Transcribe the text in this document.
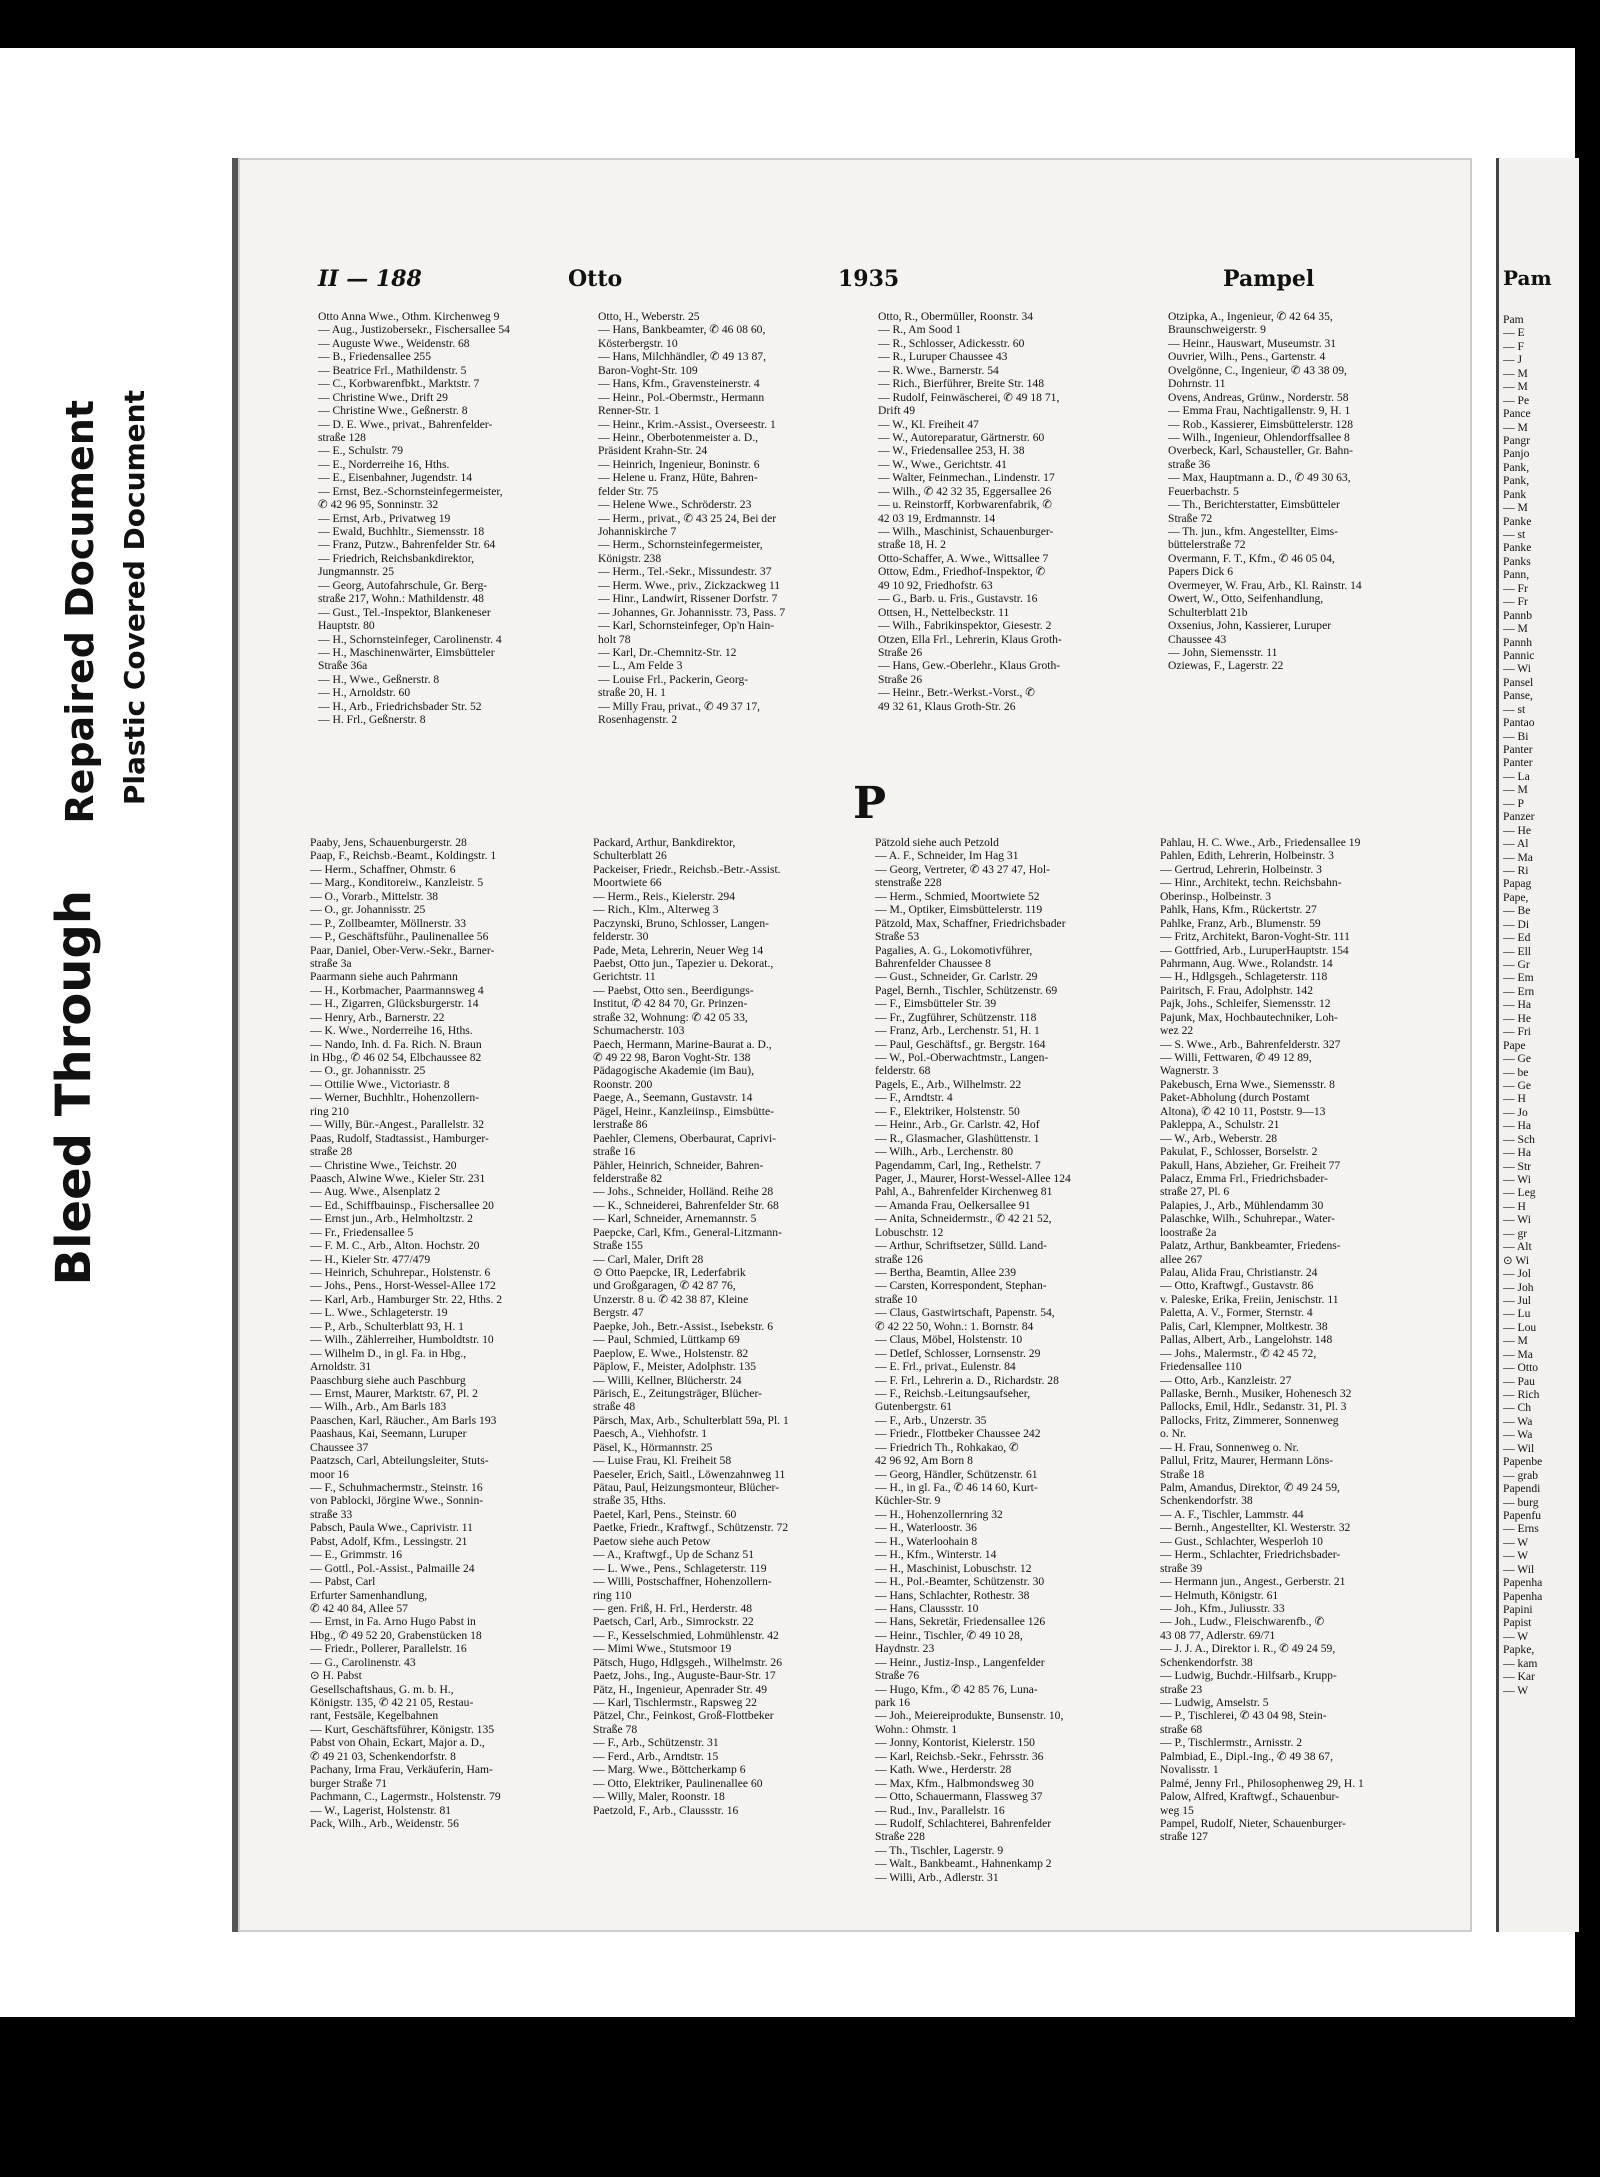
Bleed Through
Repaired Document Plastic Covered Document
II — 188	Otto	1935	Pampel
Otto Anna Wwe., Othm. Kirchenweg 9
— Aug., Justizobersekr., Fischersallee 54
— Auguste Wwe., Weidenstr. 68
— B., Friedensallee 255
— Beatrice Frl., Mathildenstr. 5
— C., Korbwarenfbkt., Marktstr. 7
— Christine Wwe., Drift 29
— Christine Wwe., Geßnerstr. 8
— D. E. Wwe., privat., Bahrenfelder-
straße 128
— E., Schulstr. 79
— E., Norderreihe 16, Hths.
— E., Eisenbahner, Jugendstr. 14
— Ernst, Bez.-Schornsteinfegermeister,
✆ 42 96 95, Sonninstr. 32
— Ernst, Arb., Privatweg 19
— Ewald, Buchhltr., Siemensstr. 18
— Franz, Putzw., Bahrenfelder Str. 64
— Friedrich, Reichsbankdirektor,
Jungmannstr. 25
— Georg, Autofahrschule, Gr. Berg-
straße 217, Wohn.: Mathildenstr. 48
— Gust., Tel.-Inspektor, Blankeneser
Hauptstr. 80
— H., Schornsteinfeger, Carolinenstr. 4
— H., Maschinenwärter, Eimsbütteler
Straße 36a
— H., Wwe., Geßnerstr. 8
— H., Arnoldstr. 60
— H., Arb., Friedrichsbader Str. 52
— H. Frl., Geßnerstr. 8
Otto, H., Weberstr. 25
— Hans, Bankbeamter, ✆ 46 08 60,
Kösterbergstr. 10
— Hans, Milchhändler, ✆ 49 13 87,
Baron-Voght-Str. 109
— Hans, Kfm., Gravensteinerstr. 4
— Heinr., Pol.-Obermstr., Hermann
Renner-Str. 1
— Heinr., Krim.-Assist., Overseestr. 1
— Heinr., Oberbotenmeister a. D.,
Präsident Krahn-Str. 24
— Heinrich, Ingenieur, Boninstr. 6
— Helene u. Franz, Hüte, Bahren-
felder Str. 75
— Helene Wwe., Schröderstr. 23
— Herm., privat., ✆ 43 25 24, Bei der
Johanniskirche 7
— Herm., Schornsteinfegermeister,
Königstr. 238
— Herm., Tel.-Sekr., Missundestr. 37
— Herm. Wwe., priv., Zickzackweg 11
— Hinr., Landwirt, Rissener Dorfstr. 7
— Johannes, Gr. Johannisstr. 73, Pass. 7
— Karl, Schornsteinfeger, Op'n Hain-
holt 78
— Karl, Dr.-Chemnitz-Str. 12
— L., Am Felde 3
— Louise Frl., Packerin, Georg-
straße 20, H. 1
— Milly Frau, privat., ✆ 49 37 17,
Rosenhagenstr. 2
Otto, R., Obermüller, Roonstr. 34
— R., Am Sood 1
— R., Schlosser, Adickesstr. 60
— R., Luruper Chaussee 43
— R. Wwe., Barnerstr. 54
— Rich., Bierführer, Breite Str. 148
— Rudolf, Feinwäscherei, ✆ 49 18 71,
Drift 49
— W., Kl. Freiheit 47
— W., Autoreparatur, Gärtnerstr. 60
— W., Friedensallee 253, H. 38
— W., Wwe., Gerichtstr. 41
— Walter, Feinmechan., Lindenstr. 17
— Wilh., ✆ 42 32 35, Eggersallee 26
— u. Reinstorff, Korbwarenfabrik, ✆
42 03 19, Erdmannstr. 14
— Wilh., Maschinist, Schauenburger-
straße 18, H. 2
Otto-Schaffer, A. Wwe., Wittsallee 7
Ottow, Edm., Friedhof-Inspektor, ✆
49 10 92, Friedhofstr. 63
— G., Barb. u. Fris., Gustavstr. 16
Ottsen, H., Nettelbeckstr. 11
— Wilh., Fabrikinspektor, Giesestr. 2
Otzen, Ella Frl., Lehrerin, Klaus Groth-
Straße 26
— Hans, Gew.-Oberlehr., Klaus Groth-
Straße 26
— Heinr., Betr.-Werkst.-Vorst., ✆
49 32 61, Klaus Groth-Str. 26
Otzipka, A., Ingenieur, ✆ 42 64 35,
Braunschweigerstr. 9
— Heinr., Hauswart, Museumstr. 31
Ouvrier, Wilh., Pens., Gartenstr. 4
Ovelgönne, C., Ingenieur, ✆ 43 38 09,
Dohrnstr. 11
Ovens, Andreas, Grünw., Norderstr. 58
— Emma Frau, Nachtigallenstr. 9, H. 1
— Rob., Kassierer, Eimsbüttelerstr. 128
— Wilh., Ingenieur, Ohlendorffsallee 8
Overbeck, Karl, Schausteller, Gr. Bahn-
straße 36
— Max, Hauptmann a. D., ✆ 49 30 63,
Feuerbachstr. 5
— Th., Berichterstatter, Eimsbütteler
Straße 72
— Th. jun., kfm. Angestellter, Eims-
büttelerstraße 72
Overmann, F. T., Kfm., ✆ 46 05 04,
Papers Dick 6
Overmeyer, W. Frau, Arb., Kl. Rainstr. 14
Owert, W., Otto, Seifenhandlung,
Schulterblatt 21b
Oxsenius, John, Kassierer, Luruper
Chaussee 43
— John, Siemensstr. 11
Oziewas, F., Lagerstr. 22
P
Paaby, Jens, Schauenburgerstr. 28
Paap, F., Reichsb.-Beamt., Koldingstr. 1
— Herm., Schaffner, Ohmstr. 6
— Marg., Konditoreiw., Kanzleistr. 5
— O., Vorarb., Mittelstr. 38
— O., gr. Johannisstr. 25
— P., Zollbeamter, Möllnerstr. 33
— P., Geschäftsführ., Paulinenallee 56
Paar, Daniel, Ober-Verw.-Sekr., Barner-
straße 3a
Paarmann siehe auch Pahrmann
— H., Korbmacher, Paarmannsweg 4
— H., Zigarren, Glücksburgerstr. 14
— Henry, Arb., Barnerstr. 22
— K. Wwe., Norderreihe 16, Hths.
— Nando, Inh. d. Fa. Rich. N. Braun
in Hbg., ✆ 46 02 54, Elbchaussee 82
— O., gr. Johannisstr. 25
— Ottilie Wwe., Victoriastr. 8
— Werner, Buchhltr., Hohenzollern-
ring 210
— Willy, Bür.-Angest., Parallelstr. 32
Paas, Rudolf, Stadtassist., Hamburger-
straße 28
— Christine Wwe., Teichstr. 20
Paasch, Alwine Wwe., Kieler Str. 231
— Aug. Wwe., Alsenplatz 2
— Ed., Schiffbauinsp., Fischersallee 20
— Ernst jun., Arb., Helmholtzstr. 2
— Fr., Friedensallee 5
— F. M. C., Arb., Alton. Hochstr. 20
— H., Kieler Str. 477/479
— Heinrich, Schuhrepar., Holstenstr. 6
— Johs., Pens., Horst-Wessel-Allee 172
— Karl, Arb., Hamburger Str. 22, Hths. 2
— L. Wwe., Schlageterstr. 19
— P., Arb., Schulterblatt 93, H. 1
— Wilh., Zählerreiher, Humboldtstr. 10
— Wilhelm D., in gl. Fa. in Hbg.,
Arnoldstr. 31
Paaschburg siehe auch Paschburg
— Ernst, Maurer, Marktstr. 67, Pl. 2
— Wilh., Arb., Am Barls 183
Paaschen, Karl, Räucher., Am Barls 193
Paashaus, Kai, Seemann, Luruper
Chaussee 37
Paatzsch, Carl, Abteilungsleiter, Stuts-
moor 16
— F., Schuhmachermstr., Steinstr. 16
von Pablocki, Jörgine Wwe., Sonnin-
straße 33
Pabsch, Paula Wwe., Caprivistr. 11
Pabst, Adolf, Kfm., Lessingstr. 21
— E., Grimmstr. 16
— Gottl., Pol.-Assist., Palmaille 24
— Pabst, Carl
Erfurter Samenhandlung,
✆ 42 40 84, Allee 57
— Ernst, in Fa. Arno Hugo Pabst in
Hbg., ✆ 49 52 20, Grabenstücken 18
— Friedr., Pollerer, Parallelstr. 16
— G., Carolinenstr. 43
⊙ H. Pabst
Gesellschaftshaus, G. m. b. H.,
Königstr. 135, ✆ 42 21 05, Restau-
rant, Festsäle, Kegelbahnen
— Kurt, Geschäftsführer, Königstr. 135
Pabst von Ohain, Eckart, Major a. D.,
✆ 49 21 03, Schenkendorfstr. 8
Pachany, Irma Frau, Verkäuferin, Ham-
burger Straße 71
Pachmann, C., Lagermstr., Holstenstr. 79
— W., Lagerist, Holstenstr. 81
Pack, Wilh., Arb., Weidenstr. 56
Packard, Arthur, Bankdirektor,
Schulterblatt 26
Packeiser, Friedr., Reichsb.-Betr.-Assist.
Moortwiete 66
— Herm., Reis., Kielerstr. 294
— Rich., Klm., Alterweg 3
Paczynski, Bruno, Schlosser, Langen-
felderstr. 30
Pade, Meta, Lehrerin, Neuer Weg 14
Paebst, Otto jun., Tapezier u. Dekorat.,
Gerichtstr. 11
— Paebst, Otto sen., Beerdigungs-
Institut, ✆ 42 84 70, Gr. Prinzen-
straße 32, Wohnung: ✆ 42 05 33,
Schumacherstr. 103
Paech, Hermann, Marine-Baurat a. D.,
✆ 49 22 98, Baron Voght-Str. 138
Pädagogische Akademie (im Bau),
Roonstr. 200
Paege, A., Seemann, Gustavstr. 14
Pägel, Heinr., Kanzleiinsp., Eimsbütte-
lerstraße 86
Paehler, Clemens, Oberbaurat, Caprivi-
straße 16
Pähler, Heinrich, Schneider, Bahren-
felderstraße 82
— Johs., Schneider, Holländ. Reihe 28
— K., Schneiderei, Bahrenfelder Str. 68
— Karl, Schneider, Arnemannstr. 5
Paepcke, Carl, Kfm., General-Litzmann-
Straße 155
— Carl, Maler, Drift 28
⊙ Otto Paepcke, IR, Lederfabrik
und Großgaragen, ✆ 42 87 76,
Unzerstr. 8 u. ✆ 42 38 87, Kleine
Bergstr. 47
Paepke, Joh., Betr.-Assist., Isebekstr. 6
— Paul, Schmied, Lüttkamp 69
Paeplow, E. Wwe., Holstenstr. 82
Päplow, F., Meister, Adolphstr. 135
— Willi, Kellner, Blücherstr. 24
Pärisch, E., Zeitungsträger, Blücher-
straße 48
Pärsch, Max, Arb., Schulterblatt 59a, Pl. 1
Paesch, A., Viehhofstr. 1
Päsel, K., Hörmannstr. 25
— Luise Frau, Kl. Freiheit 58
Paeseler, Erich, Saitl., Löwenzahnweg 11
Pätau, Paul, Heizungsmonteur, Blücher-
straße 35, Hths.
Paetel, Karl, Pens., Steinstr. 60
Paetke, Friedr., Kraftwgf., Schützenstr. 72
Paetow siehe auch Petow
— A., Kraftwgf., Up de Schanz 51
— L. Wwe., Pens., Schlageterstr. 119
— Willi, Postschaffner, Hohenzollern-
ring 110
— gen. Friß, H. Frl., Herderstr. 48
Paetsch, Carl, Arb., Simrockstr. 22
— F., Kesselschmied, Lohmühlenstr. 42
— Mimi Wwe., Stutsmoor 19
Pätsch, Hugo, Hdlgsgeh., Wilhelmstr. 26
Paetz, Johs., Ing., Auguste-Baur-Str. 17
Pätz, H., Ingenieur, Apenrader Str. 49
— Karl, Tischlermstr., Rapsweg 22
Pätzel, Chr., Feinkost, Groß-Flottbeker
Straße 78
— F., Arb., Schützenstr. 31
— Ferd., Arb., Arndtstr. 15
— Marg. Wwe., Böttcherkamp 6
— Otto, Elektriker, Paulinenallee 60
— Willy, Maler, Roonstr. 18
Paetzold, F., Arb., Claussstr. 16
Pätzold siehe auch Petzold
— A. F., Schneider, Im Hag 31
— Georg, Vertreter, ✆ 43 27 47, Hol-
stenstraße 228
— Herm., Schmied, Moortwiete 52
— M., Optiker, Eimsbüttelerstr. 119
Pätzold, Max, Schaffner, Friedrichsbader
Straße 53
Pagalies, A. G., Lokomotivführer,
Bahrenfelder Chaussee 8
— Gust., Schneider, Gr. Carlstr. 29
Pagel, Bernh., Tischler, Schützenstr. 69
— F., Eimsbütteler Str. 39
— Fr., Zugführer, Schützenstr. 118
— Franz, Arb., Lerchenstr. 51, H. 1
— Paul, Geschäftsf., gr. Bergstr. 164
— W., Pol.-Oberwachtmstr., Langen-
felderstr. 68
Pagels, E., Arb., Wilhelmstr. 22
— F., Arndtstr. 4
— F., Elektriker, Holstenstr. 50
— Heinr., Arb., Gr. Carlstr. 42, Hof
— R., Glasmacher, Glashüttenstr. 1
— Wilh., Arb., Lerchenstr. 80
Pagendamm, Carl, Ing., Rethelstr. 7
Pager, J., Maurer, Horst-Wessel-Allee 124
Pahl, A., Bahrenfelder Kirchenweg 81
— Amanda Frau, Oelkersallee 91
— Anita, Schneidermstr., ✆ 42 21 52,
Lobuschstr. 12
— Arthur, Schriftsetzer, Sülld. Land-
straße 126
— Bertha, Beamtin, Allee 239
— Carsten, Korrespondent, Stephan-
straße 10
— Claus, Gastwirtschaft, Papenstr. 54,
✆ 42 22 50, Wohn.: 1. Bornstr. 84
— Claus, Möbel, Holstenstr. 10
— Detlef, Schlosser, Lornsenstr. 29
— E. Frl., privat., Eulenstr. 84
— F. Frl., Lehrerin a. D., Richardstr. 28
— F., Reichsb.-Leitungsaufseher,
Gutenbergstr. 61
— F., Arb., Unzerstr. 35
— Friedr., Flottbeker Chaussee 242
— Friedrich Th., Rohkakao, ✆
42 96 92, Am Born 8
— Georg, Händler, Schützenstr. 61
— H., in gl. Fa., ✆ 46 14 60, Kurt-
Küchler-Str. 9
— H., Hohenzollernring 32
— H., Waterloostr. 36
— H., Waterloohain 8
— H., Kfm., Winterstr. 14
— H., Maschinist, Lobuschstr. 12
— H., Pol.-Beamter, Schützenstr. 30
— Hans, Schlachter, Rothestr. 38
— Hans, Claussstr. 10
— Hans, Sekretär, Friedensallee 126
— Heinr., Tischler, ✆ 49 10 28,
Haydnstr. 23
— Heinr., Justiz-Insp., Langenfelder
Straße 76
— Hugo, Kfm., ✆ 42 85 76, Luna-
park 16
— Joh., Meiereiprodukte, Bunsenstr. 10,
Wohn.: Ohmstr. 1
— Jonny, Kontorist, Kielerstr. 150
— Karl, Reichsb.-Sekr., Fehrsstr. 36
— Kath. Wwe., Herderstr. 28
— Max, Kfm., Halbmondsweg 30
— Otto, Schauermann, Flassweg 37
— Rud., Inv., Parallelstr. 16
— Rudolf, Schlachterei, Bahrenfelder
Straße 228
— Th., Tischler, Lagerstr. 9
— Walt., Bankbeamt., Hahnenkamp 2
— Willi, Arb., Adlerstr. 31
Pahlau, H. C. Wwe., Arb., Friedensallee 19
Pahlen, Edith, Lehrerin, Holbeinstr. 3
— Gertrud, Lehrerin, Holbeinstr. 3
— Hinr., Architekt, techn. Reichsbahn-
Oberinsp., Holbeinstr. 3
Pahlk, Hans, Kfm., Rückertstr. 27
Pahlke, Franz, Arb., Blumenstr. 59
— Fritz, Architekt, Baron-Voght-Str. 111
— Gottfried, Arb., LuruperHauptstr. 154
Pahrmann, Aug. Wwe., Rolandstr. 14
— H., Hdlgsgeh., Schlageterstr. 118
Pairitsch, F. Frau, Adolphstr. 142
Pajk, Johs., Schleifer, Siemensstr. 12
Pajunk, Max, Hochbautechniker, Loh-
wez 22
— S. Wwe., Arb., Bahrenfelderstr. 327
— Willi, Fettwaren, ✆ 49 12 89,
Wagnerstr. 3
Pakebusch, Erna Wwe., Siemensstr. 8
Paket-Abholung (durch Postamt
Altona), ✆ 42 10 11, Poststr. 9—13
Pakleppa, A., Schulstr. 21
— W., Arb., Weberstr. 28
Pakulat, F., Schlosser, Borselstr. 2
Pakull, Hans, Abzieher, Gr. Freiheit 77
Palacz, Emma Frl., Friedrichsbader-
straße 27, Pl. 6
Palapies, J., Arb., Mühlendamm 30
Palaschke, Wilh., Schuhrepar., Water-
loostraße 2a
Palatz, Arthur, Bankbeamter, Friedens-
allee 267
Palau, Alida Frau, Christianstr. 24
— Otto, Kraftwgf., Gustavstr. 86
v. Paleske, Erika, Freiin, Jenischstr. 11
Paletta, A. V., Former, Sternstr. 4
Palis, Carl, Klempner, Moltkestr. 38
Pallas, Albert, Arb., Langelohstr. 148
— Johs., Malermstr., ✆ 42 45 72,
Friedensallee 110
— Otto, Arb., Kanzleistr. 27
Pallaske, Bernh., Musiker, Hohenesch 32
Pallocks, Emil, Hdlr., Sedanstr. 31, Pl. 3
Pallocks, Fritz, Zimmerer, Sonnenweg
o. Nr.
— H. Frau, Sonnenweg o. Nr.
Pallul, Fritz, Maurer, Hermann Löns-
Straße 18
Palm, Amandus, Direktor, ✆ 49 24 59,
Schenkendorfstr. 38
— A. F., Tischler, Lammstr. 44
— Bernh., Angestellter, Kl. Westerstr. 32
— Gust., Schlachter, Wesperloh 10
— Herm., Schlachter, Friedrichsbader-
straße 39
— Hermann jun., Angest., Gerberstr. 21
— Helmuth, Königstr. 61
— Joh., Kfm., Juliusstr. 33
— Joh., Ludw., Fleischwarenfb., ✆
43 08 77, Adlerstr. 69/71
— J. J. A., Direktor i. R., ✆ 49 24 59,
Schenkendorfstr. 38
— Ludwig, Buchdr.-Hilfsarb., Krupp-
straße 23
— Ludwig, Amselstr. 5
— P., Tischlerei, ✆ 43 04 98, Stein-
straße 68
— P., Tischlermstr., Arnisstr. 2
Palmbiad, E., Dipl.-Ing., ✆ 49 38 67,
Novalisstr. 1
Palmé, Jenny Frl., Philosophenweg 29, H. 1
Palow, Alfred, Kraftwgf., Schauenbur-
weg 15
Pampel, Rudolf, Nieter, Schauenburger-
straße 127
Pam
Pam
— E
— F
— J
— M
— M
— Pe
Pance
— M
Pangr
Panjo
Pank,
Pank,
Pank
— M
Panke
— st
Panke
Panks
Pann,
— Fr
— Fr
Pannb
— M
Pannh
Pannic
— Wi
Pansel
Panse,
— st
Pantao
— Bi
Panter
Panter
— La
— M
— P
Panzer
— He
— Al
— Ma
— Ri
Papag
Pape,
— Be
— Di
— Ed
— Ell
— Gr
— Em
— Ern
— Ha
— He
— Fri
Pape
— Ge
— be
— Ge
— H
— Jo
— Ha
— Sch
— Ha
— Str
— Wi
— Leg
— H
— Wi
— gr
— Alt
⊙ Wi
— Jol
— Joh
— Jul
— Lu
— Lou
— M
— Ma
— Otto
— Pau
— Rich
— Ch
— Wa
— Wa
— Wil
Papenbe
— grab
Papendi
— burg
Papenfu
— Erns
— W
— W
— Wil
Papenha
Papenha
Papini
Papist
— W
Papke,
— kam
— Kar
— W
